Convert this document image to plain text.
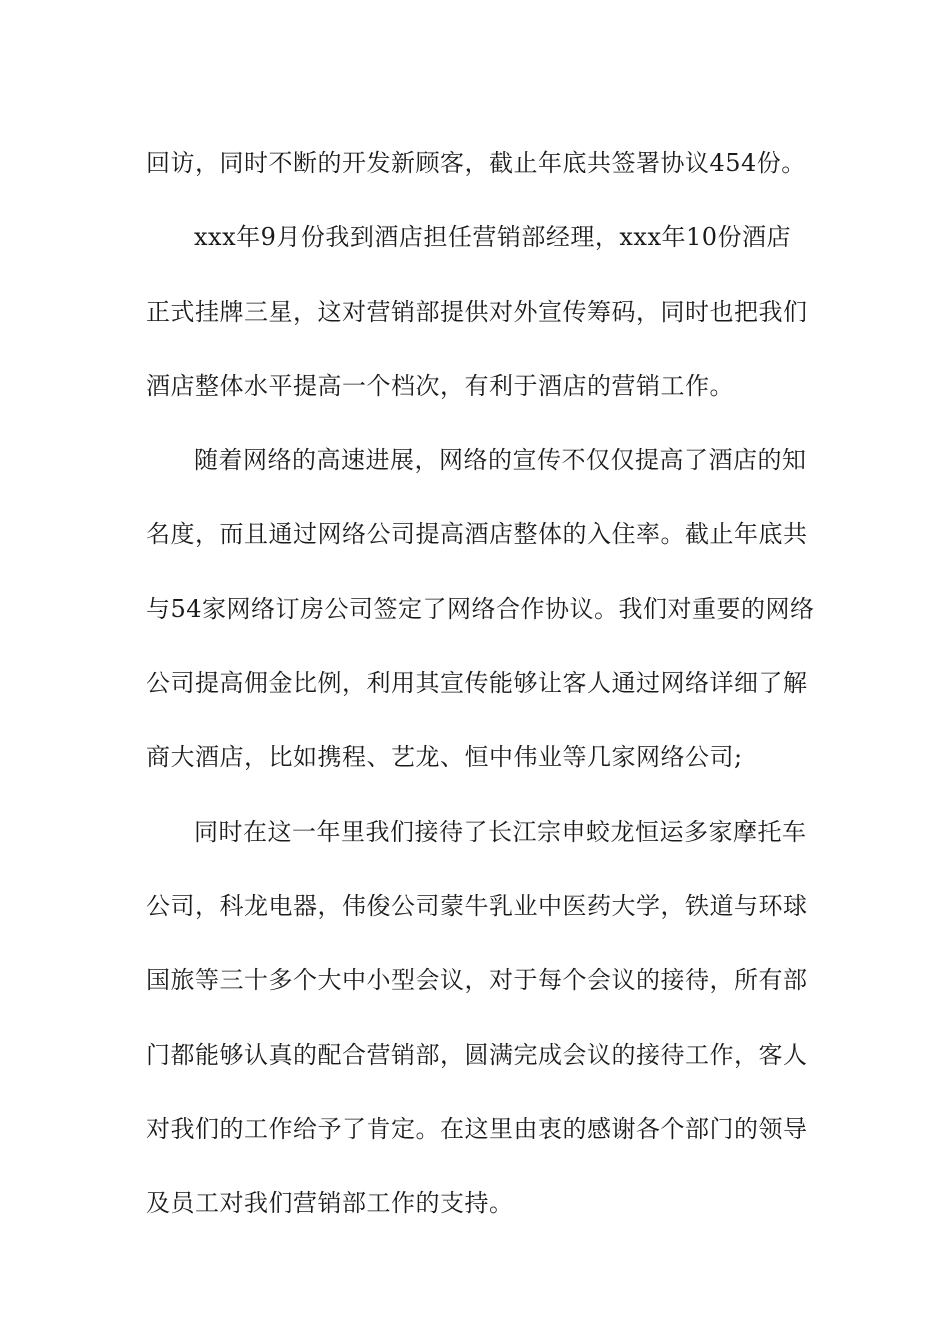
回访，同时不断的开发新顾客，截止年底共签署协议454份。
xxx年9月份我到酒店担任营销部经理，xxx年10份酒店
正式挂牌三星，这对营销部提供对外宣传筹码，同时也把我们
酒店整体水平提高一个档次，有利于酒店的营销工作。
随着网络的高速进展，网络的宣传不仅仅提高了酒店的知
名度，而且通过网络公司提高酒店整体的入住率。截止年底共
与54家网络订房公司签定了网络合作协议。我们对重要的网络
公司提高佣金比例，利用其宣传能够让客人通过网络详细了解
商大酒店，比如携程、艺龙、恒中伟业等几家网络公司;
同时在这一年里我们接待了长江宗申蛟龙恒运多家摩托车
公司，科龙电器，伟俊公司蒙牛乳业中医药大学，铁道与环球
国旅等三十多个大中小型会议，对于每个会议的接待，所有部
门都能够认真的配合营销部，圆满完成会议的接待工作，客人
对我们的工作给予了肯定。在这里由衷的感谢各个部门的领导
及员工对我们营销部工作的支持。
